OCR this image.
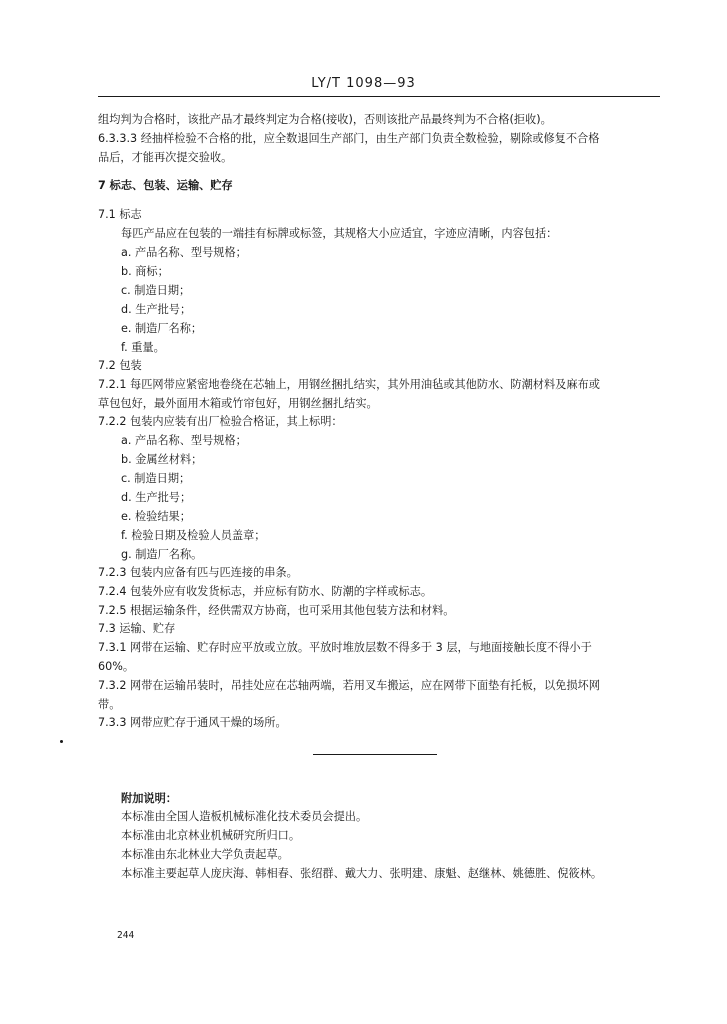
LY/T 1098—93
组均判为合格时，该批产品才最终判定为合格(接收)，否则该批产品最终判为不合格(拒收)。
6.3.3.3 经抽样检验不合格的批，应全数退回生产部门，由生产部门负责全数检验，剔除或修复不合格
品后，才能再次提交验收。
7 标志、包装、运输、贮存
7.1 标志
每匹产品应在包装的一端挂有标牌或标签，其规格大小应适宜，字迹应清晰，内容包括：
a. 产品名称、型号规格；
b. 商标；
c. 制造日期；
d. 生产批号；
e. 制造厂名称；
f. 重量。
7.2 包装
7.2.1 每匹网带应紧密地卷绕在芯轴上，用钢丝捆扎结实，其外用油毡或其他防水、防潮材料及麻布或
草包包好，最外面用木箱或竹帘包好，用钢丝捆扎结实。
7.2.2 包装内应装有出厂检验合格证，其上标明：
a. 产品名称、型号规格；
b. 金属丝材料；
c. 制造日期；
d. 生产批号；
e. 检验结果；
f. 检验日期及检验人员盖章；
g. 制造厂名称。
7.2.3 包装内应备有匹与匹连接的串条。
7.2.4 包装外应有收发货标志，并应标有防水、防潮的字样或标志。
7.2.5 根据运输条件，经供需双方协商，也可采用其他包装方法和材料。
7.3 运输、贮存
7.3.1 网带在运输、贮存时应平放或立放。平放时堆放层数不得多于 3 层，与地面接触长度不得小于
60%。
7.3.2 网带在运输吊装时，吊挂处应在芯轴两端，若用叉车搬运，应在网带下面垫有托板，以免损坏网
带。
7.3.3 网带应贮存于通风干燥的场所。
附加说明：
本标准由全国人造板机械标准化技术委员会提出。
本标准由北京林业机械研究所归口。
本标准由东北林业大学负责起草。
本标准主要起草人庞庆海、韩相春、张绍群、戴大力、张明建、康魁、赵继林、姚德胜、倪筱林。
244
